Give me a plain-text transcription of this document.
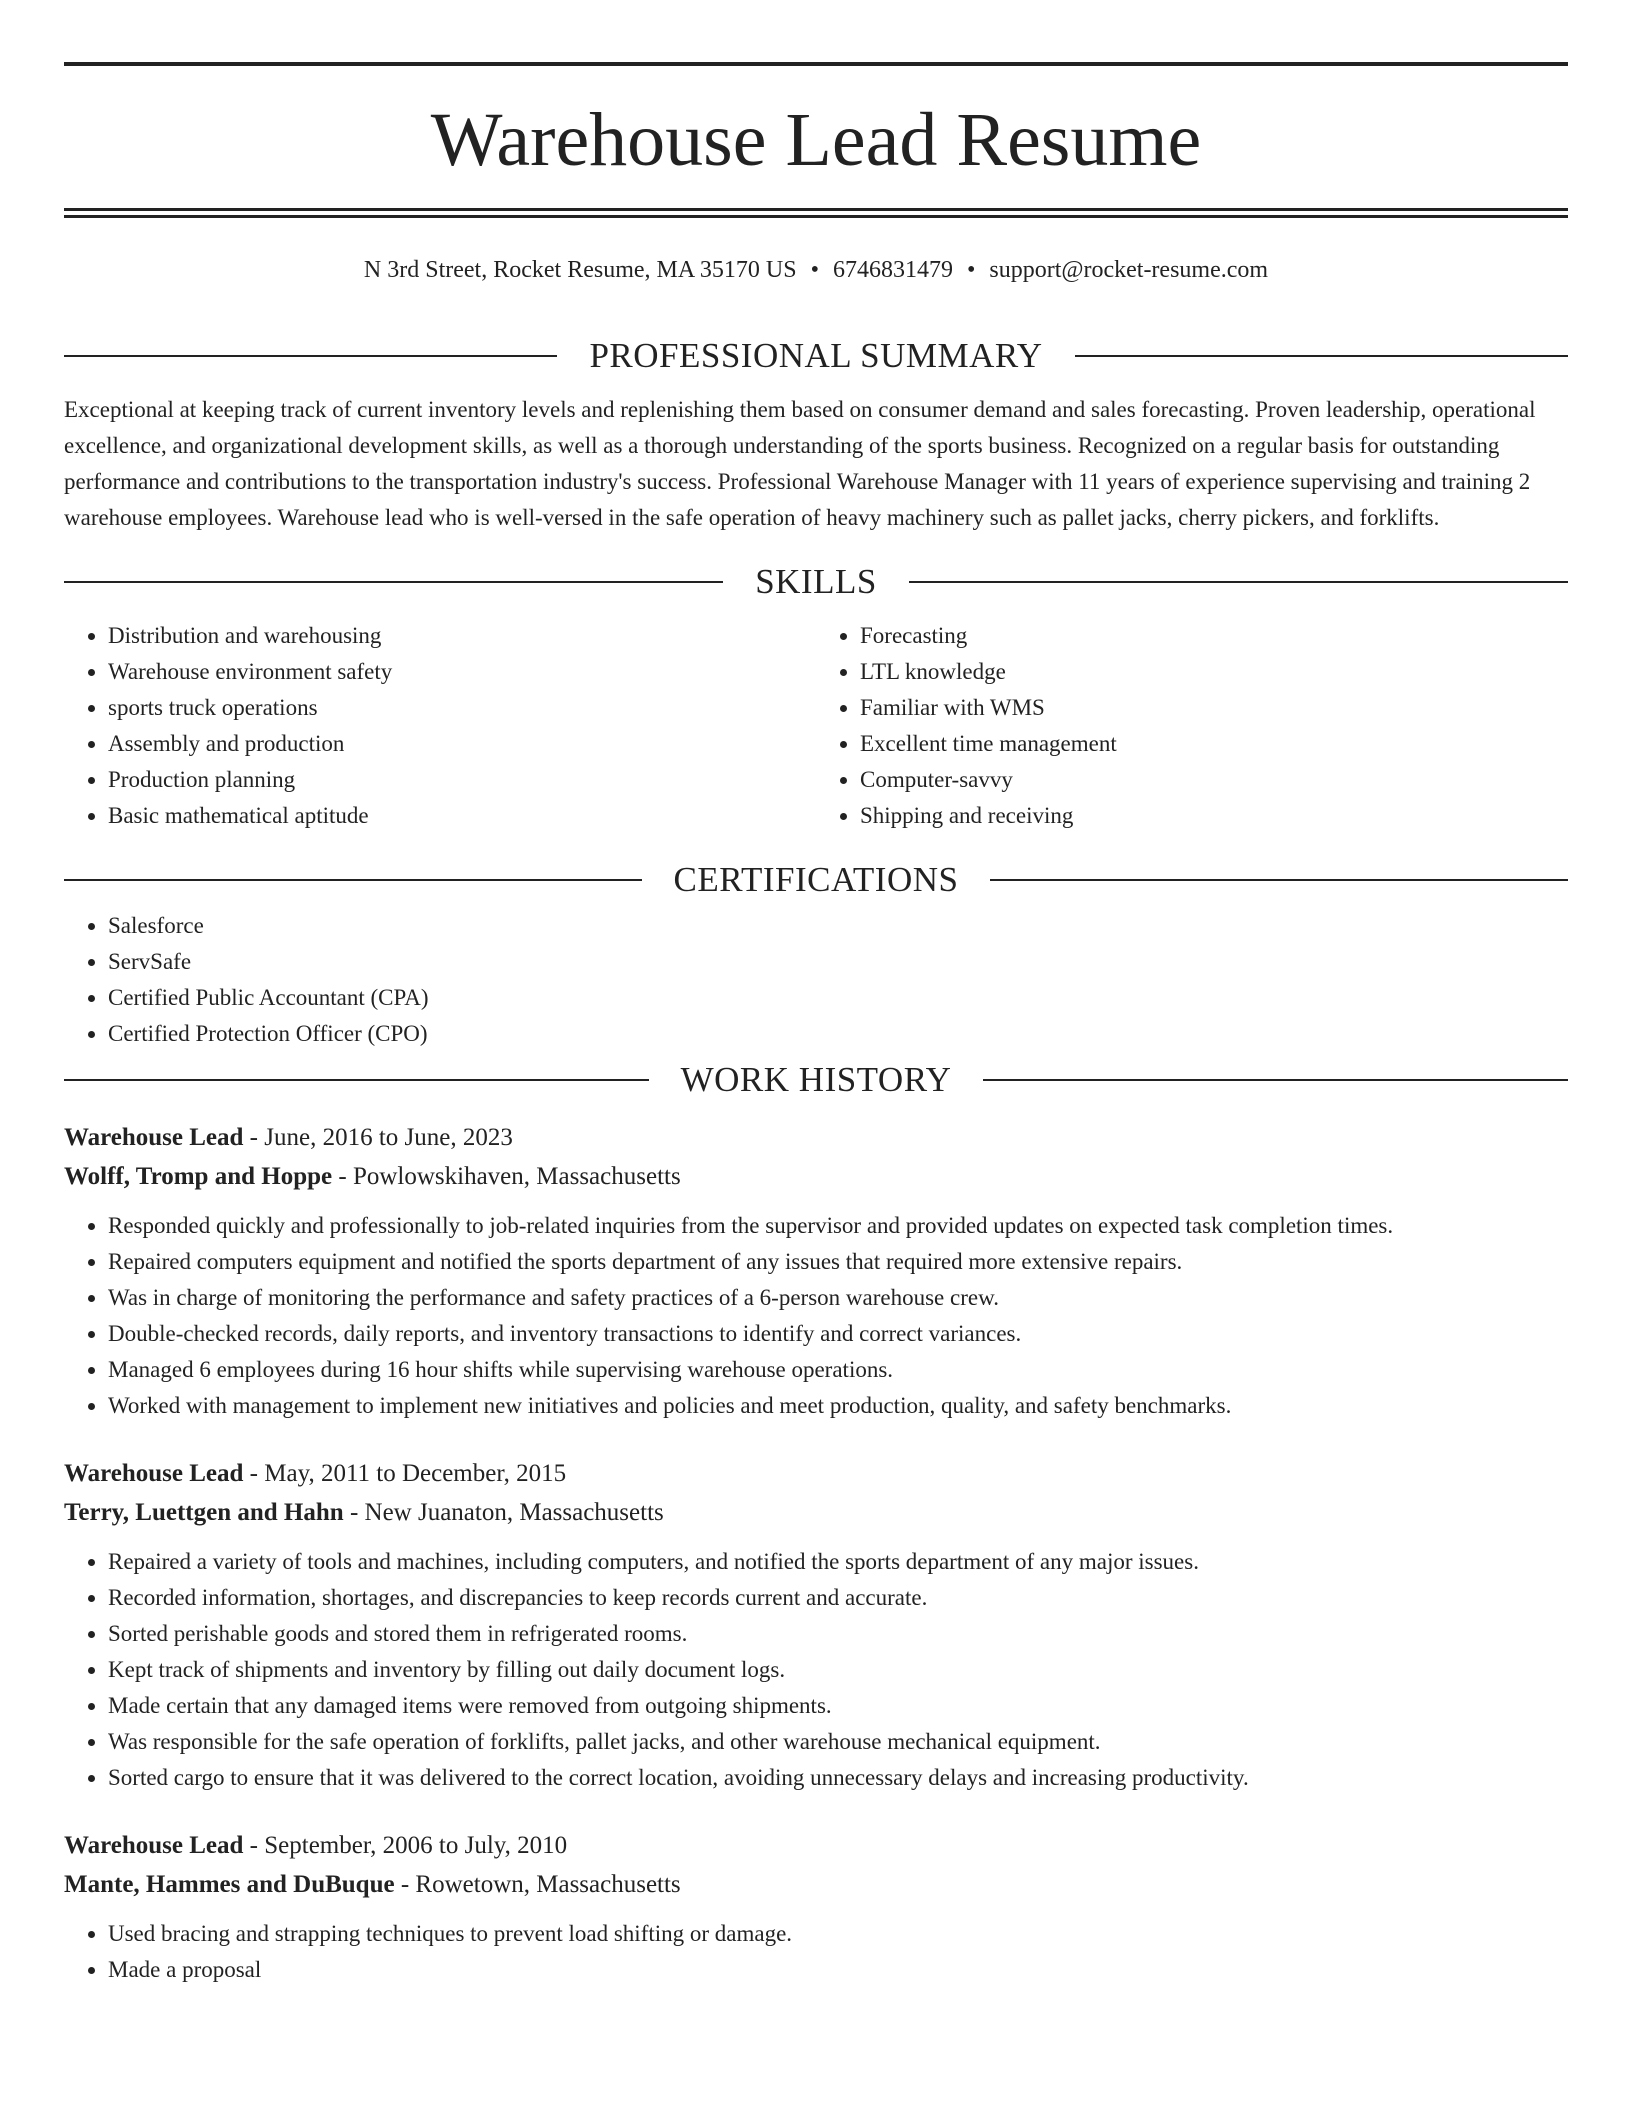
Warehouse Lead Resume
N 3rd Street, Rocket Resume, MA 35170 US • 6746831479 • support@rocket-resume.com
PROFESSIONAL SUMMARY

Exceptional at keeping track of current inventory levels and replenishing them based on consumer demand and sales forecasting. Proven leadership, operational excellence, and organizational development skills, as well as a thorough understanding of the sports business. Recognized on a regular basis for outstanding performance and contributions to the transportation industry's success. Professional Warehouse Manager with 11 years of experience supervising and training 2 warehouse employees. Warehouse lead who is well-versed in the safe operation of heavy machinery such as pallet jacks, cherry pickers, and forklifts.

SKILLS
• Distribution and warehousing
• Warehouse environment safety
• sports truck operations
• Assembly and production
• Production planning
• Basic mathematical aptitude
• Forecasting
• LTL knowledge
• Familiar with WMS
• Excellent time management
• Computer-savvy
• Shipping and receiving
CERTIFICATIONS
• Salesforce
• ServSafe
• Certified Public Accountant (CPA)
• Certified Protection Officer (CPO)
WORK HISTORY
Warehouse Lead - June, 2016 to June, 2023
Wolff, Tromp and Hoppe - Powlowskihaven, Massachusetts
• Responded quickly and professionally to job-related inquiries from the supervisor and provided updates on expected task completion times.
• Repaired computers equipment and notified the sports department of any issues that required more extensive repairs.
• Was in charge of monitoring the performance and safety practices of a 6-person warehouse crew.
• Double-checked records, daily reports, and inventory transactions to identify and correct variances.
• Managed 6 employees during 16 hour shifts while supervising warehouse operations.
• Worked with management to implement new initiatives and policies and meet production, quality, and safety benchmarks.
Warehouse Lead - May, 2011 to December, 2015
Terry, Luettgen and Hahn - New Juanaton, Massachusetts
• Repaired a variety of tools and machines, including computers, and notified the sports department of any major issues.
• Recorded information, shortages, and discrepancies to keep records current and accurate.
• Sorted perishable goods and stored them in refrigerated rooms.
• Kept track of shipments and inventory by filling out daily document logs.
• Made certain that any damaged items were removed from outgoing shipments.
• Was responsible for the safe operation of forklifts, pallet jacks, and other warehouse mechanical equipment.
• Sorted cargo to ensure that it was delivered to the correct location, avoiding unnecessary delays and increasing productivity.
Warehouse Lead - September, 2006 to July, 2010
Mante, Hammes and DuBuque - Rowetown, Massachusetts
• Used bracing and strapping techniques to prevent load shifting or damage.
• Made a proposal
